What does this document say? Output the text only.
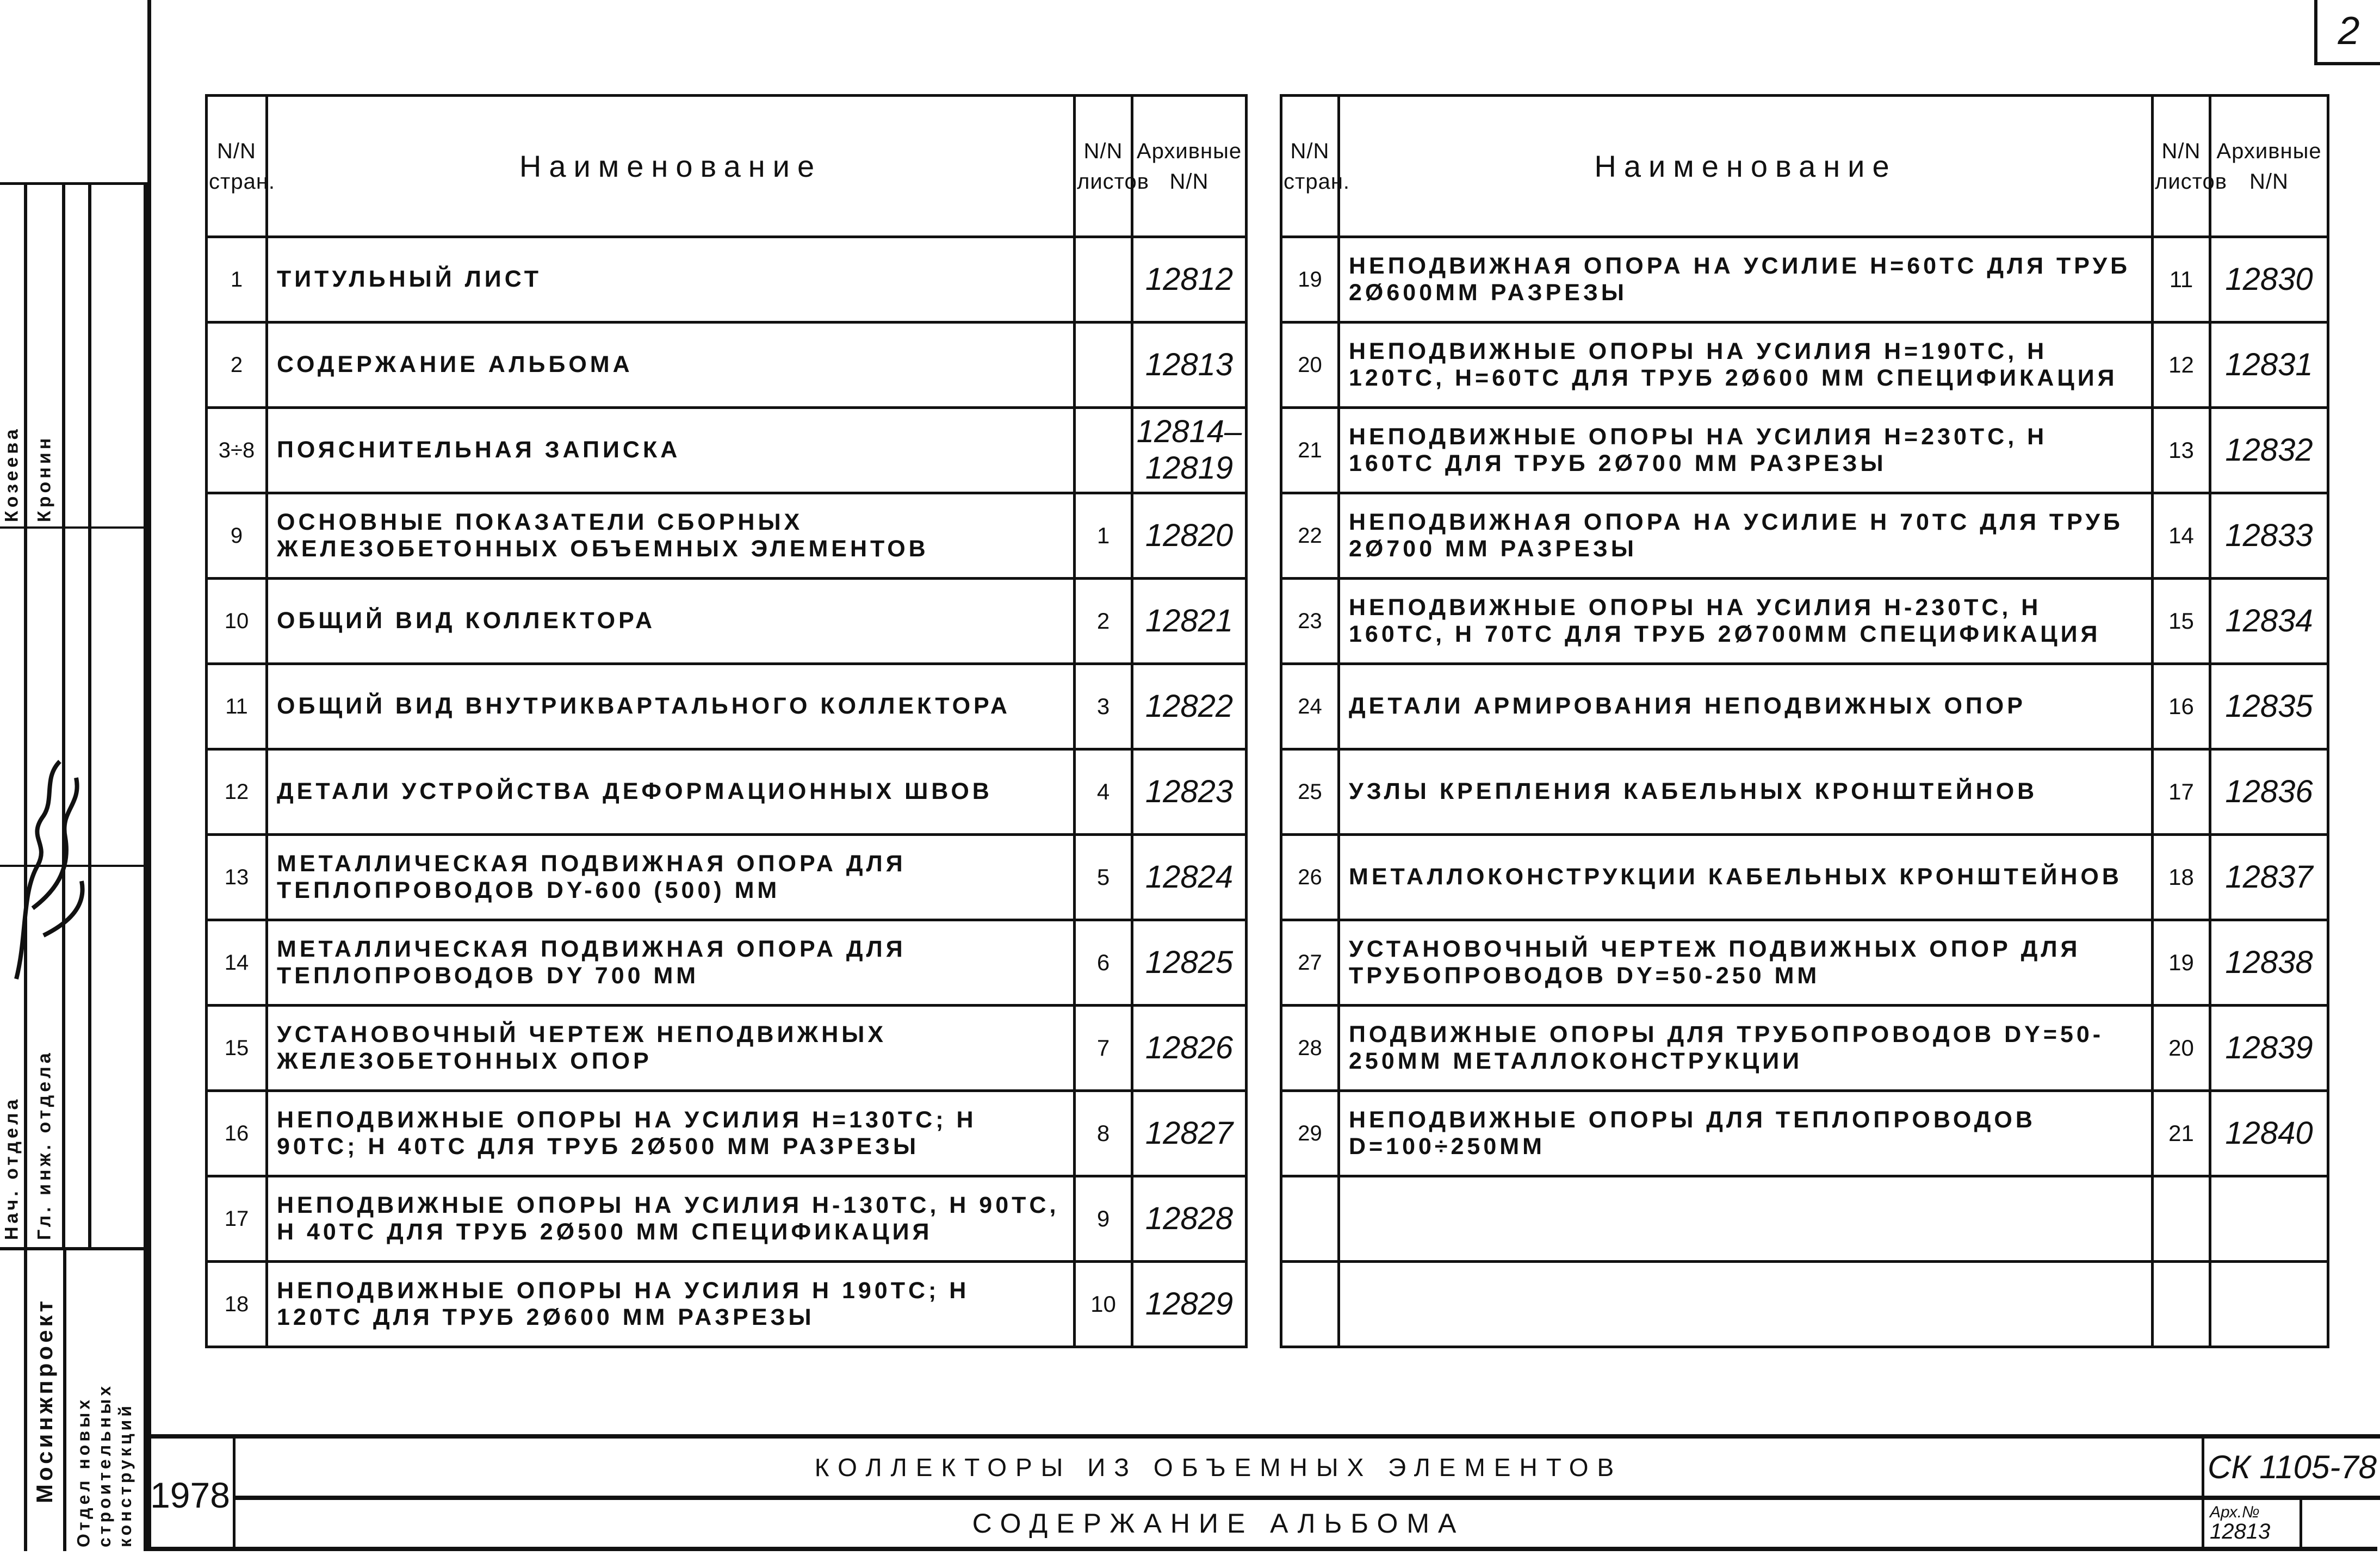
2
Козеева Кронин
Нач. отдела Гл. инж. отдела
Мосинжпроект Отдел новых строительных конструкций
N/N стран.	Наименование	N/N листов	Архивные N/N
1	ТИТУЛЬНЫЙ ЛИСТ		12812
2	СОДЕРЖАНИЕ АЛЬБОМА		12813
3÷8	ПОЯСНИТЕЛЬНАЯ ЗАПИСКА		12814–12819
9	ОСНОВНЫЕ ПОКАЗАТЕЛИ СБОРНЫХ ЖЕЛЕЗОБЕТОННЫХ ОБЪЕМНЫХ ЭЛЕМЕНТОВ	1	12820
10	ОБЩИЙ ВИД КОЛЛЕКТОРА	2	12821
11	ОБЩИЙ ВИД ВНУТРИКВАРТАЛЬНОГО КОЛЛЕКТОРА	3	12822
12	ДЕТАЛИ УСТРОЙСТВА ДЕФОРМАЦИОННЫХ ШВОВ	4	12823
13	МЕТАЛЛИЧЕСКАЯ ПОДВИЖНАЯ ОПОРА ДЛЯ ТЕПЛОПРОВОДОВ DY-600 (500) ММ	5	12824
14	МЕТАЛЛИЧЕСКАЯ ПОДВИЖНАЯ ОПОРА ДЛЯ ТЕПЛОПРОВОДОВ DY 700 ММ	6	12825
15	УСТАНОВОЧНЫЙ ЧЕРТЕЖ НЕПОДВИЖНЫХ ЖЕЛЕЗОБЕТОННЫХ ОПОР	7	12826
16	НЕПОДВИЖНЫЕ ОПОРЫ НА УСИЛИЯ Н=130ТС; Н 90ТС; Н 40ТС ДЛЯ ТРУБ 2Ø500 ММ РАЗРЕЗЫ	8	12827
17	НЕПОДВИЖНЫЕ ОПОРЫ НА УСИЛИЯ Н-130ТС, Н 90ТС, Н 40ТС ДЛЯ ТРУБ 2Ø500 ММ СПЕЦИФИКАЦИЯ	9	12828
18	НЕПОДВИЖНЫЕ ОПОРЫ НА УСИЛИЯ Н 190ТС; Н 120ТС ДЛЯ ТРУБ 2Ø600 ММ РАЗРЕЗЫ	10	12829
N/N стран.	Наименование	N/N листов	Архивные N/N
19	НЕПОДВИЖНАЯ ОПОРА НА УСИЛИЕ Н=60ТС ДЛЯ ТРУБ 2Ø600ММ РАЗРЕЗЫ	11	12830
20	НЕПОДВИЖНЫЕ ОПОРЫ НА УСИЛИЯ Н=190ТС, Н 120ТС, Н=60ТС ДЛЯ ТРУБ 2Ø600 ММ СПЕЦИФИКАЦИЯ	12	12831
21	НЕПОДВИЖНЫЕ ОПОРЫ НА УСИЛИЯ Н=230ТС, Н 160ТС ДЛЯ ТРУБ 2Ø700 ММ РАЗРЕЗЫ	13	12832
22	НЕПОДВИЖНАЯ ОПОРА НА УСИЛИЕ Н 70ТС ДЛЯ ТРУБ 2Ø700 ММ РАЗРЕЗЫ	14	12833
23	НЕПОДВИЖНЫЕ ОПОРЫ НА УСИЛИЯ Н-230ТС, Н 160ТС, Н 70ТС ДЛЯ ТРУБ 2Ø700ММ СПЕЦИФИКАЦИЯ	15	12834
24	ДЕТАЛИ АРМИРОВАНИЯ НЕПОДВИЖНЫХ ОПОР	16	12835
25	УЗЛЫ КРЕПЛЕНИЯ КАБЕЛЬНЫХ КРОНШТЕЙНОВ	17	12836
26	МЕТАЛЛОКОНСТРУКЦИИ КАБЕЛЬНЫХ КРОНШТЕЙНОВ	18	12837
27	УСТАНОВОЧНЫЙ ЧЕРТЕЖ ПОДВИЖНЫХ ОПОР ДЛЯ ТРУБОПРОВОДОВ DY=50-250 ММ	19	12838
28	ПОДВИЖНЫЕ ОПОРЫ ДЛЯ ТРУБОПРОВОДОВ DY=50-250ММ МЕТАЛЛОКОНСТРУКЦИИ	20	12839
29	НЕПОДВИЖНЫЕ ОПОРЫ ДЛЯ ТЕПЛОПРОВОДОВ D=100÷250ММ	21	12840

1978
КОЛЛЕКТОРЫ ИЗ ОБЪЕМНЫХ ЭЛЕМЕНТОВ
СОДЕРЖАНИЕ АЛЬБОМА
СК 1105-78
Арх.№
12813
